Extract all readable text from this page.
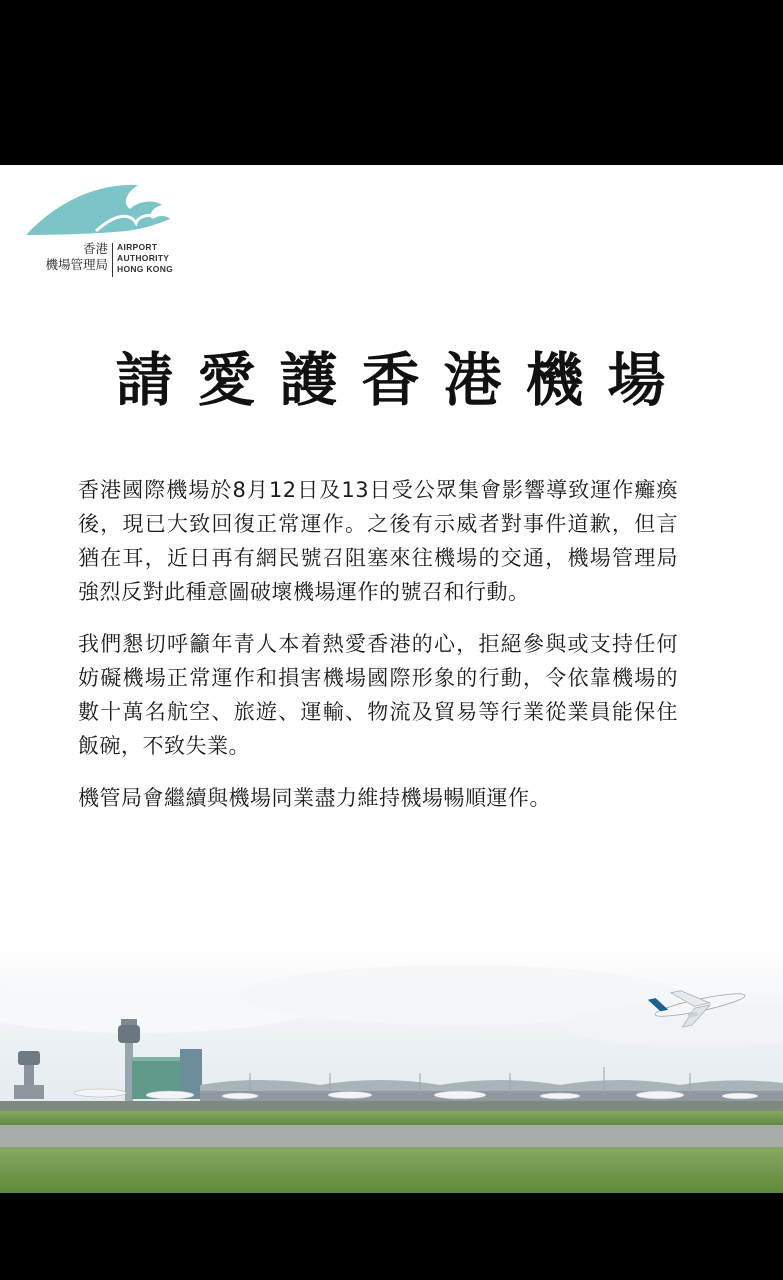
香港
機場管理局
AIRPORT
AUTHORITY
HONG KONG
請愛護香港機場

香港國際機場於8月12日及13日受公眾集會影響導致運作癱瘓後，現已大致回復正常運作。之後有示威者對事件道歉，但言猶在耳，近日再有網民號召阻塞來往機場的交通，機場管理局強烈反對此種意圖破壞機場運作的號召和行動。

我們懇切呼籲年青人本着熱愛香港的心，拒絕參與或支持任何妨礙機場正常運作和損害機場國際形象的行動，令依靠機場的數十萬名航空、旅遊、運輸、物流及貿易等行業從業員能保住飯碗，不致失業。

機管局會繼續與機場同業盡力維持機場暢順運作。
